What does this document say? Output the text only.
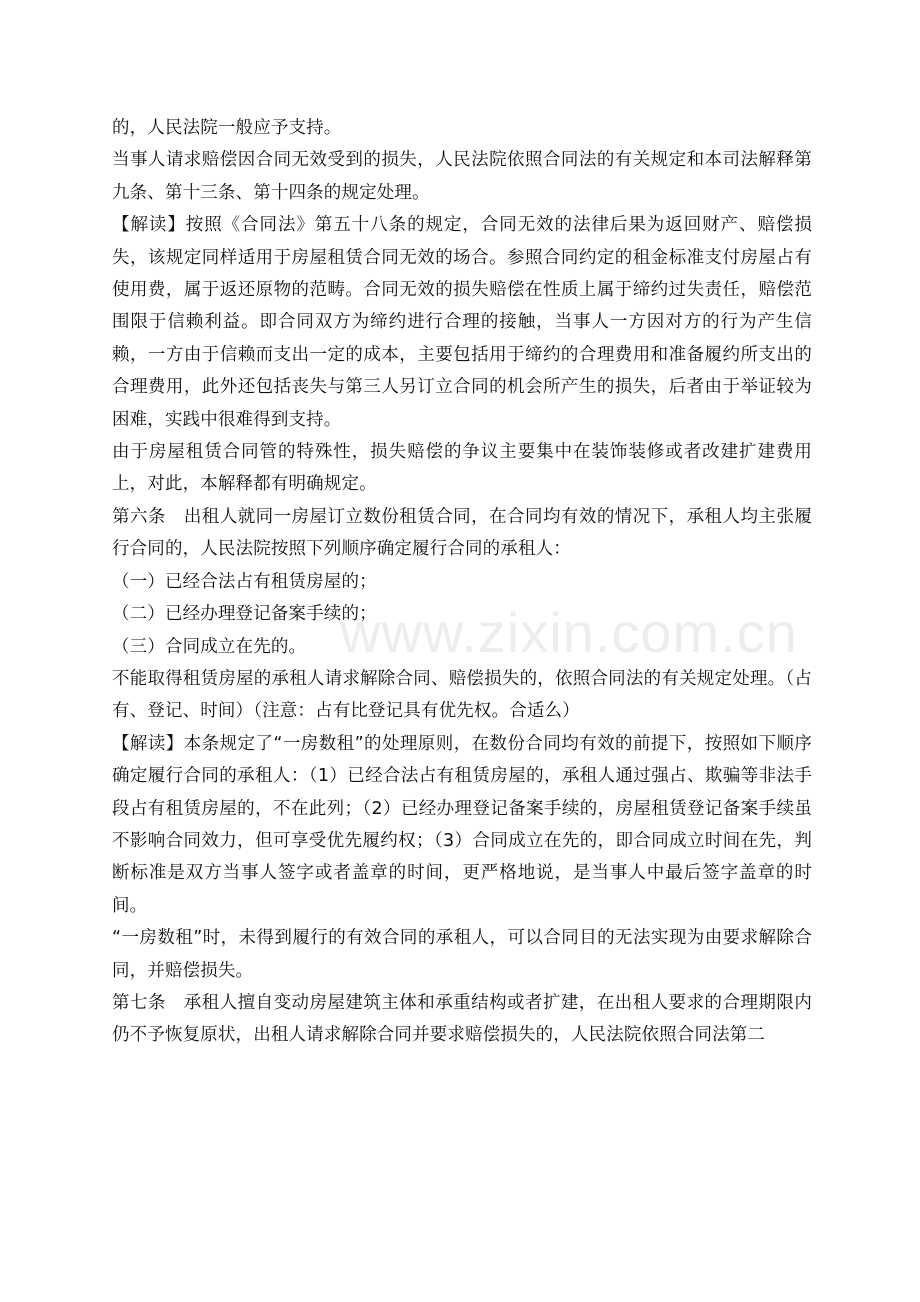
的，人民法院一般应予支持。

当事人请求赔偿因合同无效受到的损失，人民法院依照合同法的有关规定和本司法解释第九条、第十三条、第十四条的规定处理。

【解读】按照《合同法》第五十八条的规定，合同无效的法律后果为返回财产、赔偿损失，该规定同样适用于房屋租赁合同无效的场合。参照合同约定的租金标准支付房屋占有使用费，属于返还原物的范畴。合同无效的损失赔偿在性质上属于缔约过失责任，赔偿范围限于信赖利益。即合同双方为缔约进行合理的接触，当事人一方因对方的行为产生信赖，一方由于信赖而支出一定的成本，主要包括用于缔约的合理费用和准备履约所支出的合理费用，此外还包括丧失与第三人另订立合同的机会所产生的损失，后者由于举证较为困难，实践中很难得到支持。

由于房屋租赁合同管的特殊性，损失赔偿的争议主要集中在装饰装修或者改建扩建费用上，对此，本解释都有明确规定。

第六条　出租人就同一房屋订立数份租赁合同，在合同均有效的情况下，承租人均主张履行合同的，人民法院按照下列顺序确定履行合同的承租人：

（一）已经合法占有租赁房屋的；

（二）已经办理登记备案手续的；

（三）合同成立在先的。

不能取得租赁房屋的承租人请求解除合同、赔偿损失的，依照合同法的有关规定处理。（占有、登记、时间）（注意：占有比登记具有优先权。合适么）

【解读】本条规定了“一房数租”的处理原则，在数份合同均有效的前提下，按照如下顺序确定履行合同的承租人：（1）已经合法占有租赁房屋的，承租人通过强占、欺骗等非法手段占有租赁房屋的，不在此列；（2）已经办理登记备案手续的，房屋租赁登记备案手续虽不影响合同效力，但可享受优先履约权；（3）合同成立在先的，即合同成立时间在先，判断标准是双方当事人签字或者盖章的时间，更严格地说，是当事人中最后签字盖章的时间。

“一房数租”时，未得到履行的有效合同的承租人，可以合同目的无法实现为由要求解除合同，并赔偿损失。

第七条　承租人擅自变动房屋建筑主体和承重结构或者扩建，在出租人要求的合理期限内仍不予恢复原状，出租人请求解除合同并要求赔偿损失的，人民法院依照合同法第二

www.zixin.com.cn
